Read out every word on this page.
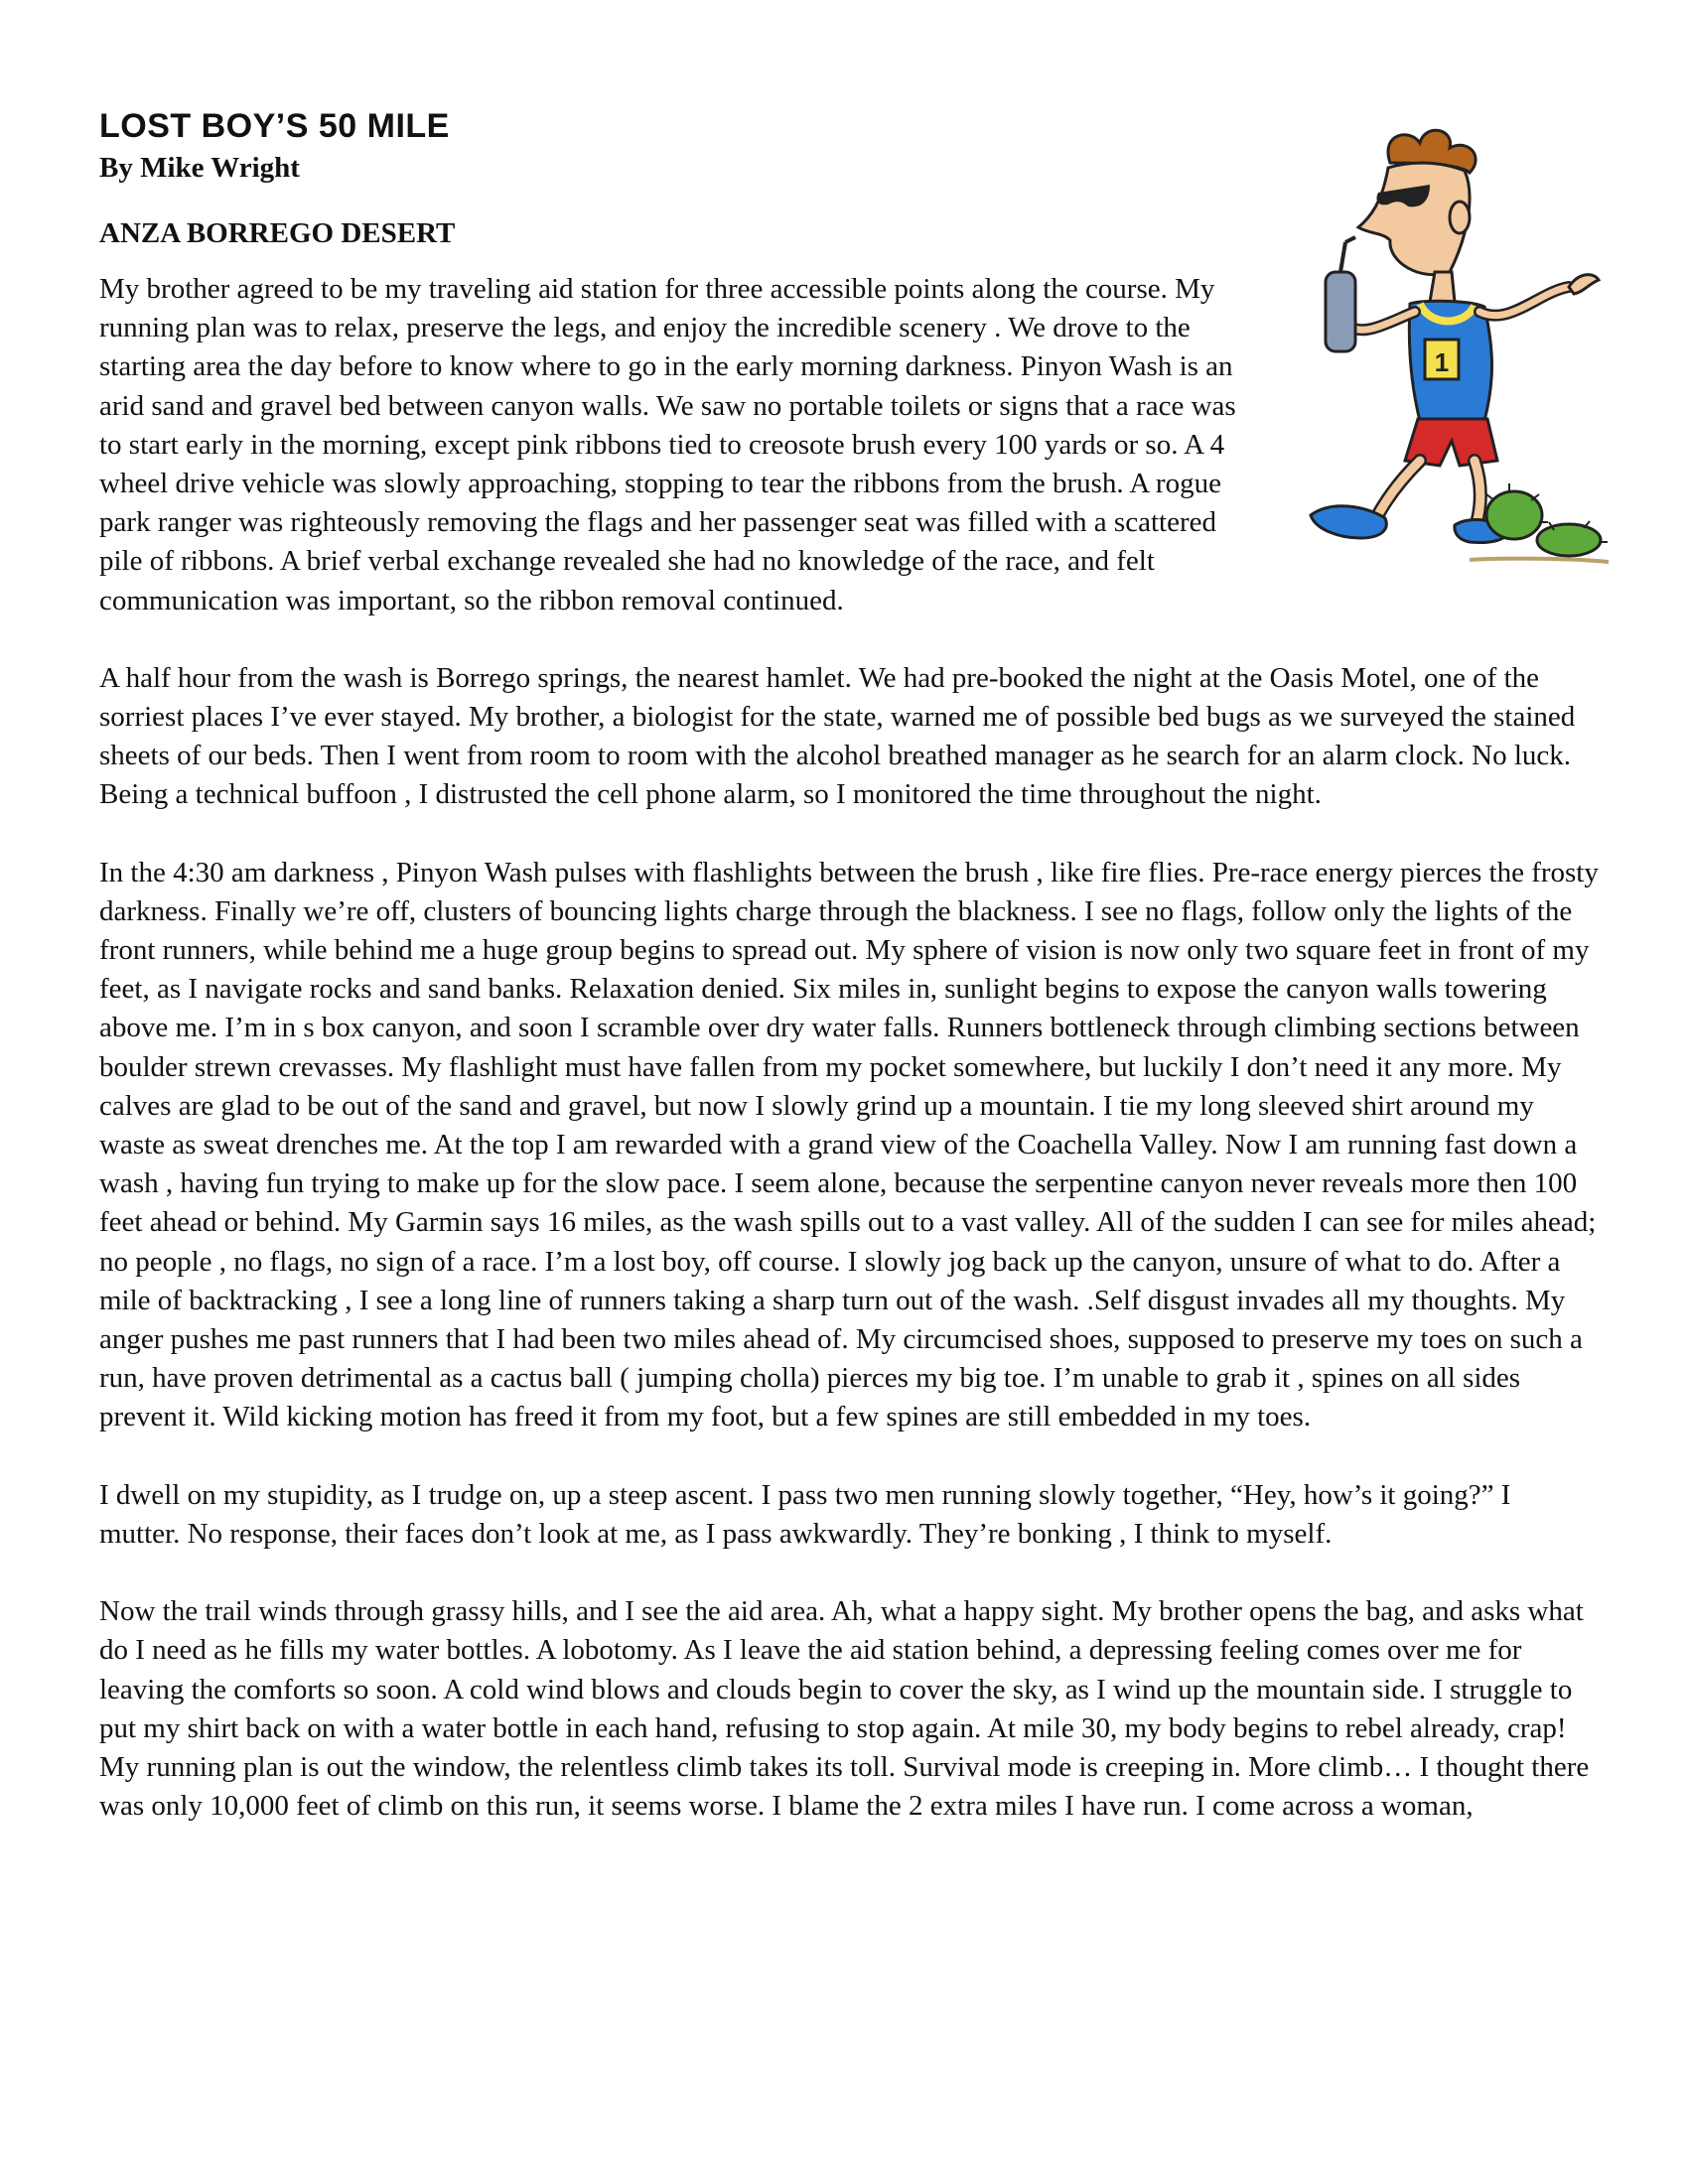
LOST BOY’S 50 MILE

By Mike Wright

ANZA BORREGO DESERT

1

My brother agreed to be my traveling aid station for three accessible points along the course. My running plan was to relax, preserve the legs, and enjoy the incredible scenery . We drove to the starting area the day before to know where to go in the early morning darkness. Pinyon Wash is an arid sand and gravel bed between canyon walls. We saw no portable toilets or signs that a race was to start early in the morning, except pink ribbons tied to creosote brush every 100 yards or so. A 4 wheel drive vehicle was slowly approaching, stopping to tear the ribbons from the brush. A rogue park ranger was righteously removing the flags and her passenger seat was filled with a scattered pile of ribbons. A brief verbal exchange revealed she had no knowledge of the race, and felt communication was important, so the ribbon removal continued.

A half hour from the wash is Borrego springs, the nearest hamlet. We had pre-booked the night at the Oasis Motel, one of the sorriest places I’ve ever stayed. My brother, a biologist for the state, warned me of possible bed bugs as we surveyed the stained sheets of our beds. Then I went from room to room with the alcohol breathed manager as he search for an alarm clock. No luck. Being a technical buffoon , I distrusted the cell phone alarm, so I monitored the time throughout the night.

In the 4:30 am darkness , Pinyon Wash pulses with flashlights between the brush , like fire flies. Pre-race energy pierces the frosty darkness. Finally we’re off, clusters of bouncing lights charge through the blackness. I see no flags, follow only the lights of the front runners, while behind me a huge group begins to spread out. My sphere of vision is now only two square feet in front of my feet, as I navigate rocks and sand banks. Relaxation denied. Six miles in, sunlight begins to expose the canyon walls towering above me. I’m in s box canyon, and soon I scramble over dry water falls. Runners bottleneck through climbing sections between boulder strewn crevasses. My flashlight must have fallen from my pocket somewhere, but luckily I don’t need it any more. My calves are glad to be out of the sand and gravel, but now I slowly grind up a mountain. I tie my long sleeved shirt around my waste as sweat drenches me. At the top I am rewarded with a grand view of the Coachella Valley. Now I am running fast down a wash , having fun trying to make up for the slow pace. I seem alone, because the serpentine canyon never reveals more then 100 feet ahead or behind. My Garmin says 16 miles, as the wash spills out to a vast valley. All of the sudden I can see for miles ahead; no people , no flags, no sign of a race. I’m a lost boy, off course. I slowly jog back up the canyon, unsure of what to do. After a mile of backtracking , I see a long line of runners taking a sharp turn out of the wash. .Self disgust invades all my thoughts. My anger pushes me past runners that I had been two miles ahead of. My circumcised shoes, supposed to preserve my toes on such a run, have proven detrimental as a cactus ball ( jumping cholla) pierces my big toe. I’m unable to grab it , spines on all sides prevent it. Wild kicking motion has freed it from my foot, but a few spines are still embedded in my toes.

I dwell on my stupidity, as I trudge on, up a steep ascent. I pass two men running slowly together, “Hey, how’s it going?” I mutter. No response, their faces don’t look at me, as I pass awkwardly. They’re bonking , I think to myself.

Now the trail winds through grassy hills, and I see the aid area. Ah, what a happy sight. My brother opens the bag, and asks what do I need as he fills my water bottles. A lobotomy. As I leave the aid station behind, a depressing feeling comes over me for leaving the comforts so soon. A cold wind blows and clouds begin to cover the sky, as I wind up the mountain side. I struggle to put my shirt back on with a water bottle in each hand, refusing to stop again. At mile 30, my body begins to rebel already, crap! My running plan is out the window, the relentless climb takes its toll. Survival mode is creeping in. More climb… I thought there was only 10,000 feet of climb on this run, it seems worse. I blame the 2 extra miles I have run. I come across a woman,
